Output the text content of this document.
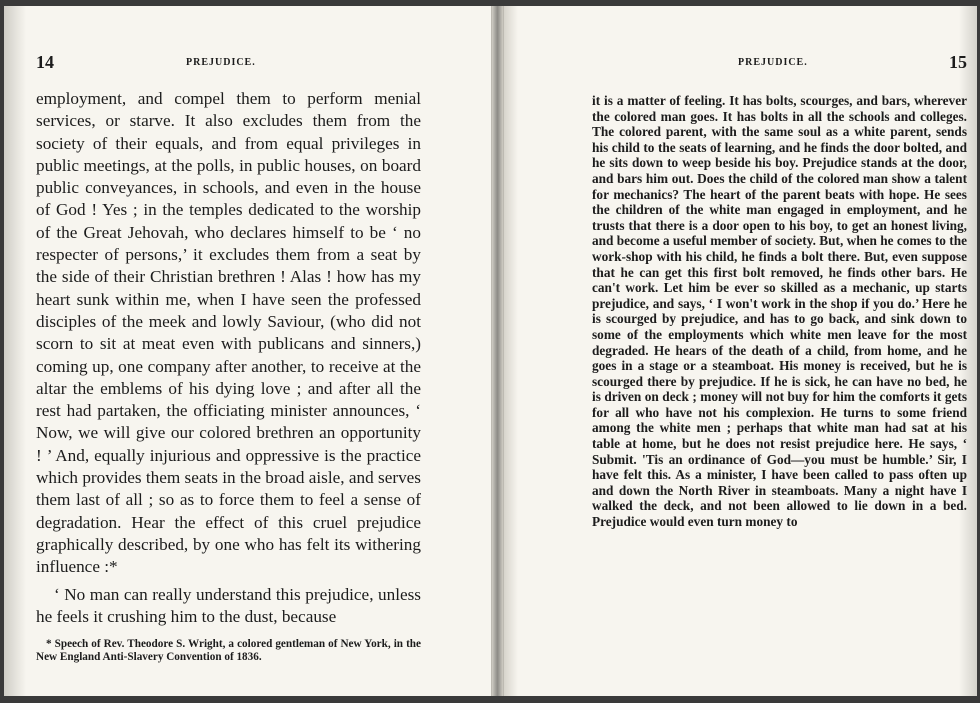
14	PREJUDICE.

employment, and compel them to perform menial services, or starve. It also excludes them from the society of their equals, and from equal privileges in public meetings, at the polls, in public houses, on board public conveyances, in schools, and even in the house of God ! Yes ; in the temples dedicated to the worship of the Great Jehovah, who declares himself to be ‘ no respecter of persons,’ it excludes them from a seat by the side of their Christian brethren ! Alas ! how has my heart sunk within me, when I have seen the professed disciples of the meek and lowly Saviour, (who did not scorn to sit at meat even with publicans and sinners,) coming up, one company after another, to receive at the altar the emblems of his dying love ; and after all the rest had partaken, the officiating minister announces, ‘ Now, we will give our colored brethren an opportunity ! ’ And, equally injurious and oppressive is the practice which provides them seats in the broad aisle, and serves them last of all ; so as to force them to feel a sense of degradation. Hear the effect of this cruel prejudice graphically described, by one who has felt its withering influence :*

‘ No man can really understand this prejudice, unless he feels it crushing him to the dust, because

* Speech of Rev. Theodore S. Wright, a colored gentleman of New York, in the New England Anti-Slavery Convention of 1836.
PREJUDICE.	15

it is a matter of feeling. It has bolts, scourges, and bars, wherever the colored man goes. It has bolts in all the schools and colleges. The colored parent, with the same soul as a white parent, sends his child to the seats of learning, and he finds the door bolted, and he sits down to weep beside his boy. Prejudice stands at the door, and bars him out. Does the child of the colored man show a talent for mechanics? The heart of the parent beats with hope. He sees the children of the white man engaged in employment, and he trusts that there is a door open to his boy, to get an honest living, and become a useful member of society. But, when he comes to the work-shop with his child, he finds a bolt there. But, even suppose that he can get this first bolt removed, he finds other bars. He can't work. Let him be ever so skilled as a mechanic, up starts prejudice, and says, ‘ I won't work in the shop if you do.’ Here he is scourged by prejudice, and has to go back, and sink down to some of the employments which white men leave for the most degraded. He hears of the death of a child, from home, and he goes in a stage or a steamboat. His money is received, but he is scourged there by prejudice. If he is sick, he can have no bed, he is driven on deck ; money will not buy for him the comforts it gets for all who have not his complexion. He turns to some friend among the white men ; perhaps that white man had sat at his table at home, but he does not resist prejudice here. He says, ‘ Submit. 'Tis an ordinance of God—you must be humble.’ Sir, I have felt this. As a minister, I have been called to pass often up and down the North River in steamboats. Many a night have I walked the deck, and not been allowed to lie down in a bed. Prejudice would even turn money to
